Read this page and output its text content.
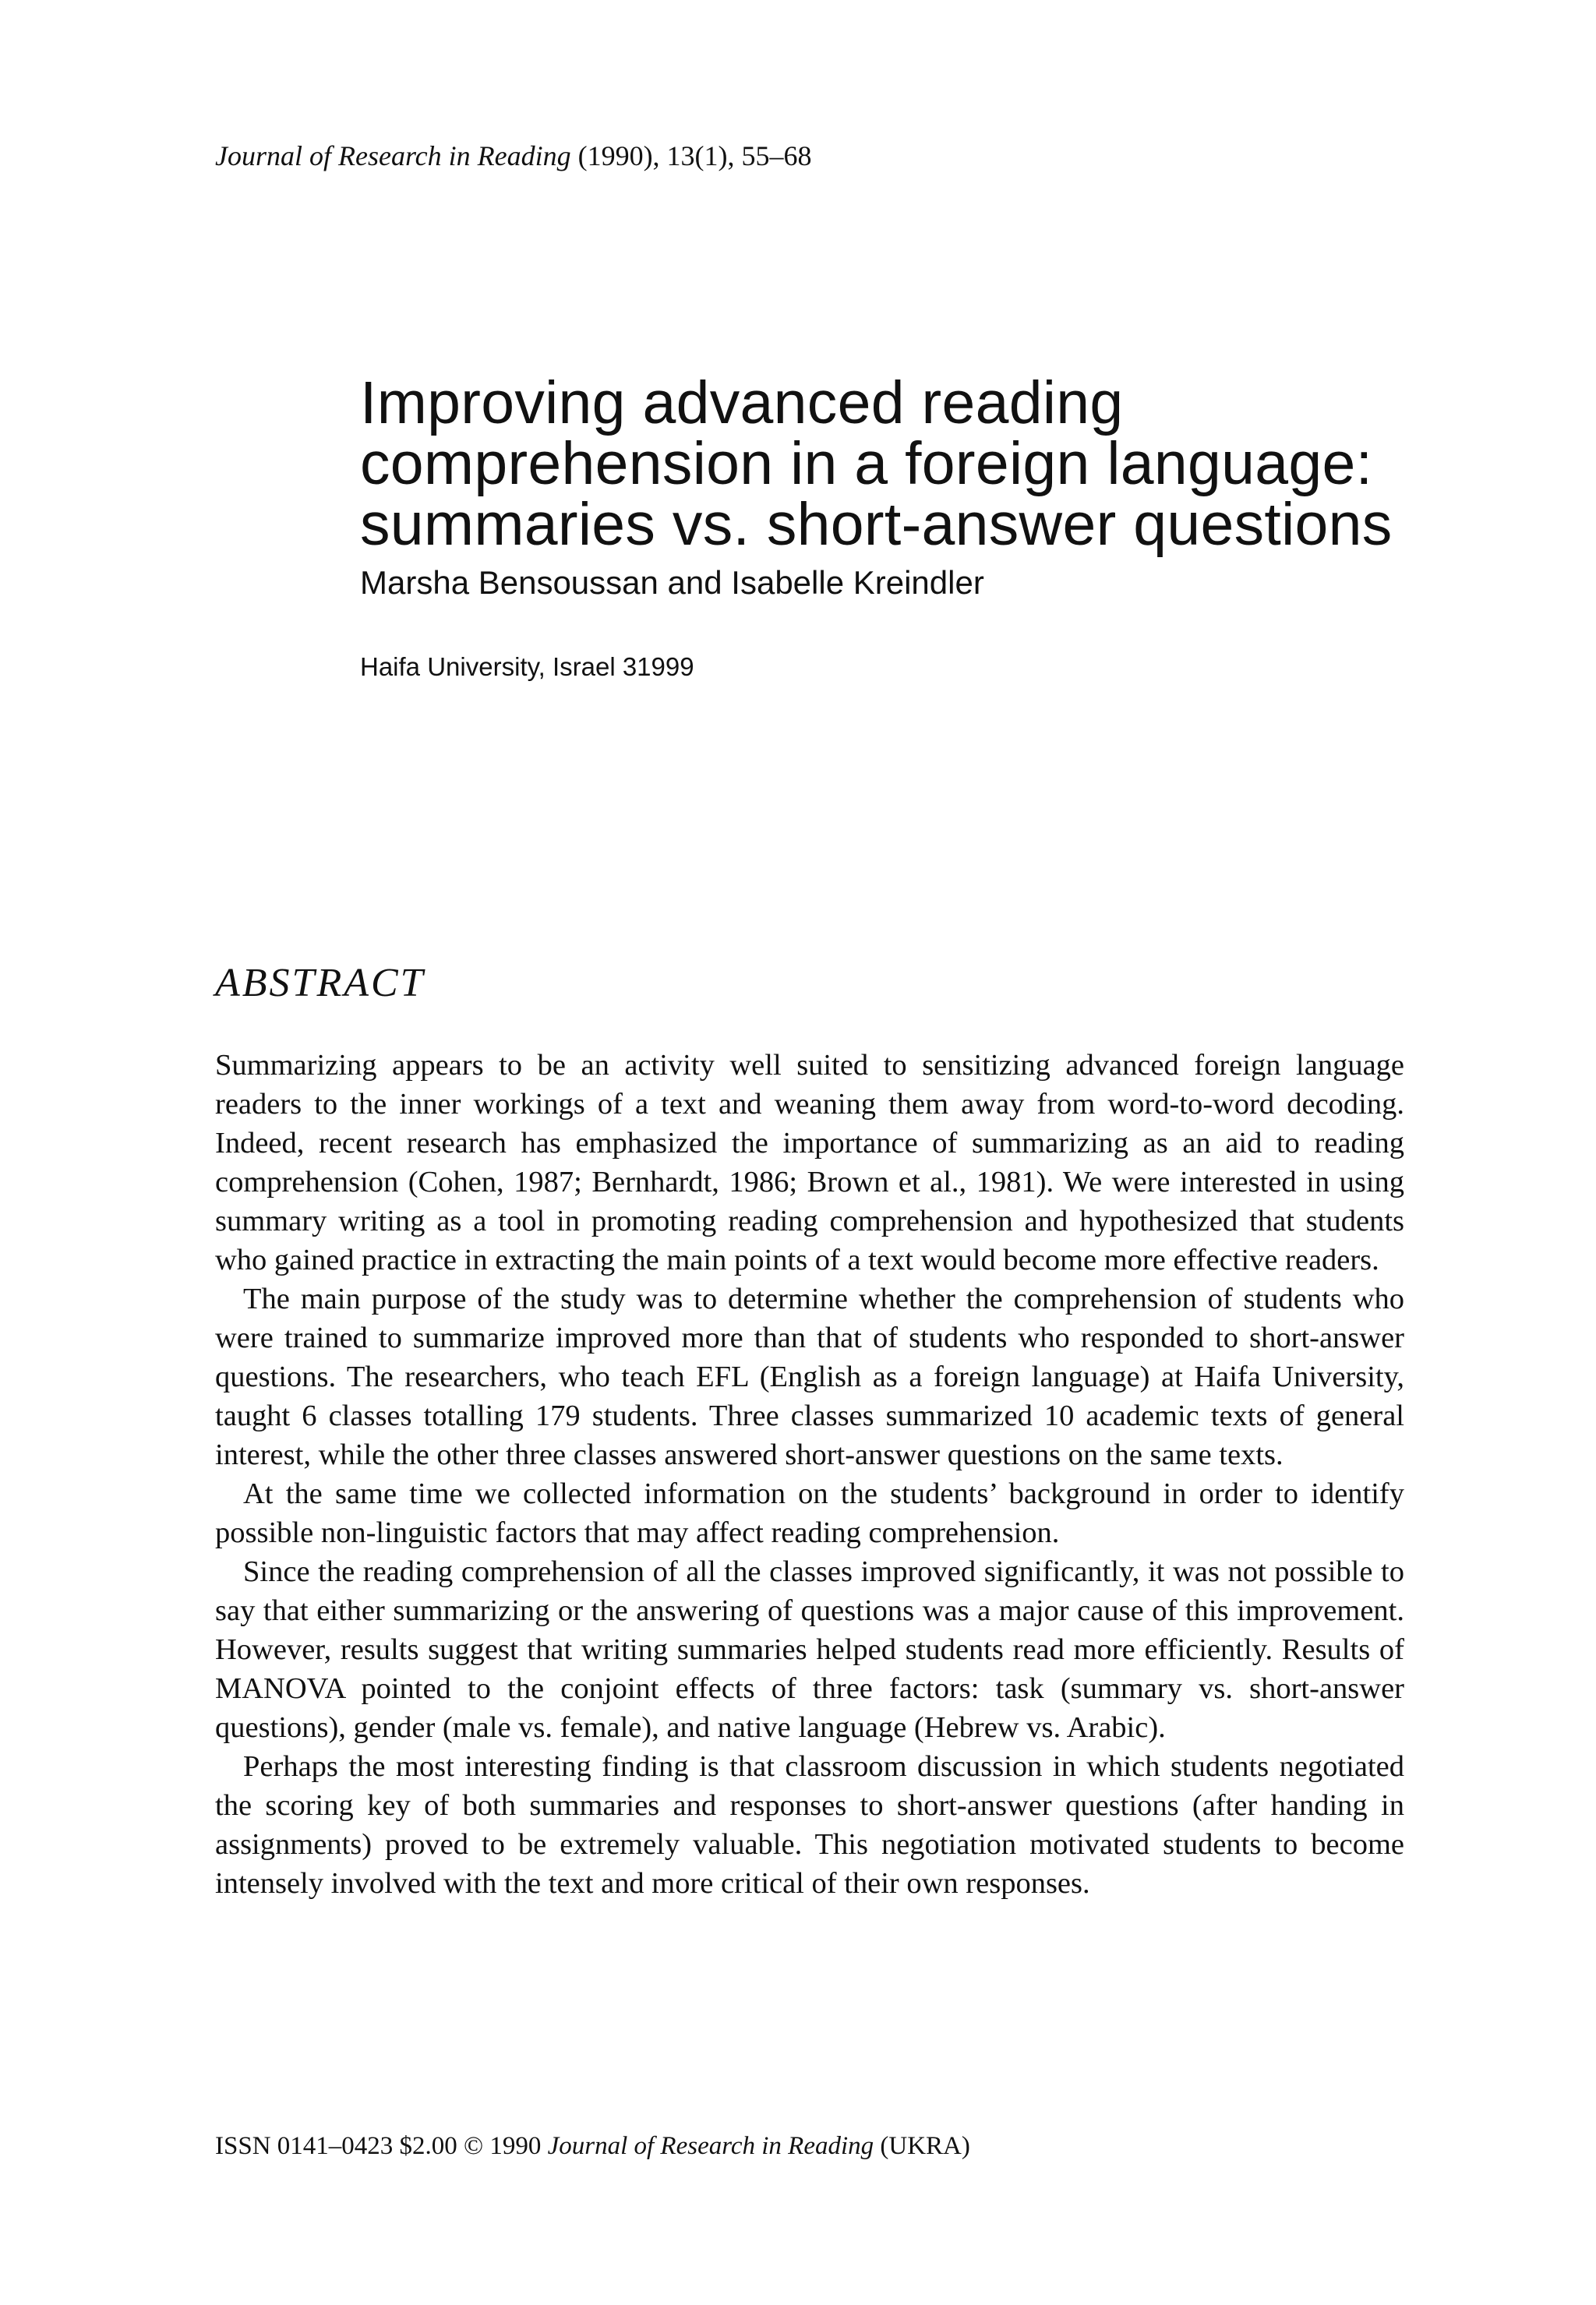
Journal of Research in Reading (1990), 13(1), 55–68
Improving advanced reading
comprehension in a foreign language:
summaries vs. short-answer questions
Marsha Bensoussan and Isabelle Kreindler
Haifa University, Israel 31999
ABSTRACT

Summarizing appears to be an activity well suited to sensitizing advanced foreign language readers to the inner workings of a text and weaning them away from word-to-word decoding. Indeed, recent research has emphasized the importance of summarizing as an aid to reading comprehension (Cohen, 1987; Bernhardt, 1986; Brown et al., 1981). We were interested in using summary writing as a tool in promoting reading comprehension and hypothesized that students who gained practice in extracting the main points of a text would become more effective readers.

The main purpose of the study was to determine whether the comprehension of students who were trained to summarize improved more than that of students who responded to short-answer questions. The researchers, who teach EFL (English as a foreign language) at Haifa University, taught 6 classes totalling 179 students. Three classes summarized 10 academic texts of general interest, while the other three classes answered short-answer questions on the same texts.

At the same time we collected information on the students’ background in order to identify possible non-linguistic factors that may affect reading comprehension.

Since the reading comprehension of all the classes improved significantly, it was not possible to say that either summarizing or the answering of questions was a major cause of this improvement. However, results suggest that writing summaries helped students read more efficiently. Results of MANOVA pointed to the conjoint effects of three factors: task (summary vs. short-answer questions), gender (male vs. female), and native language (Hebrew vs. Arabic).

Perhaps the most interesting finding is that classroom discussion in which students negotiated the scoring key of both summaries and responses to short-answer questions (after handing in assignments) proved to be extremely valuable. This negotiation motivated students to become intensely involved with the text and more critical of their own responses.

ISSN 0141–0423 $2.00 © 1990 Journal of Research in Reading (UKRA)
